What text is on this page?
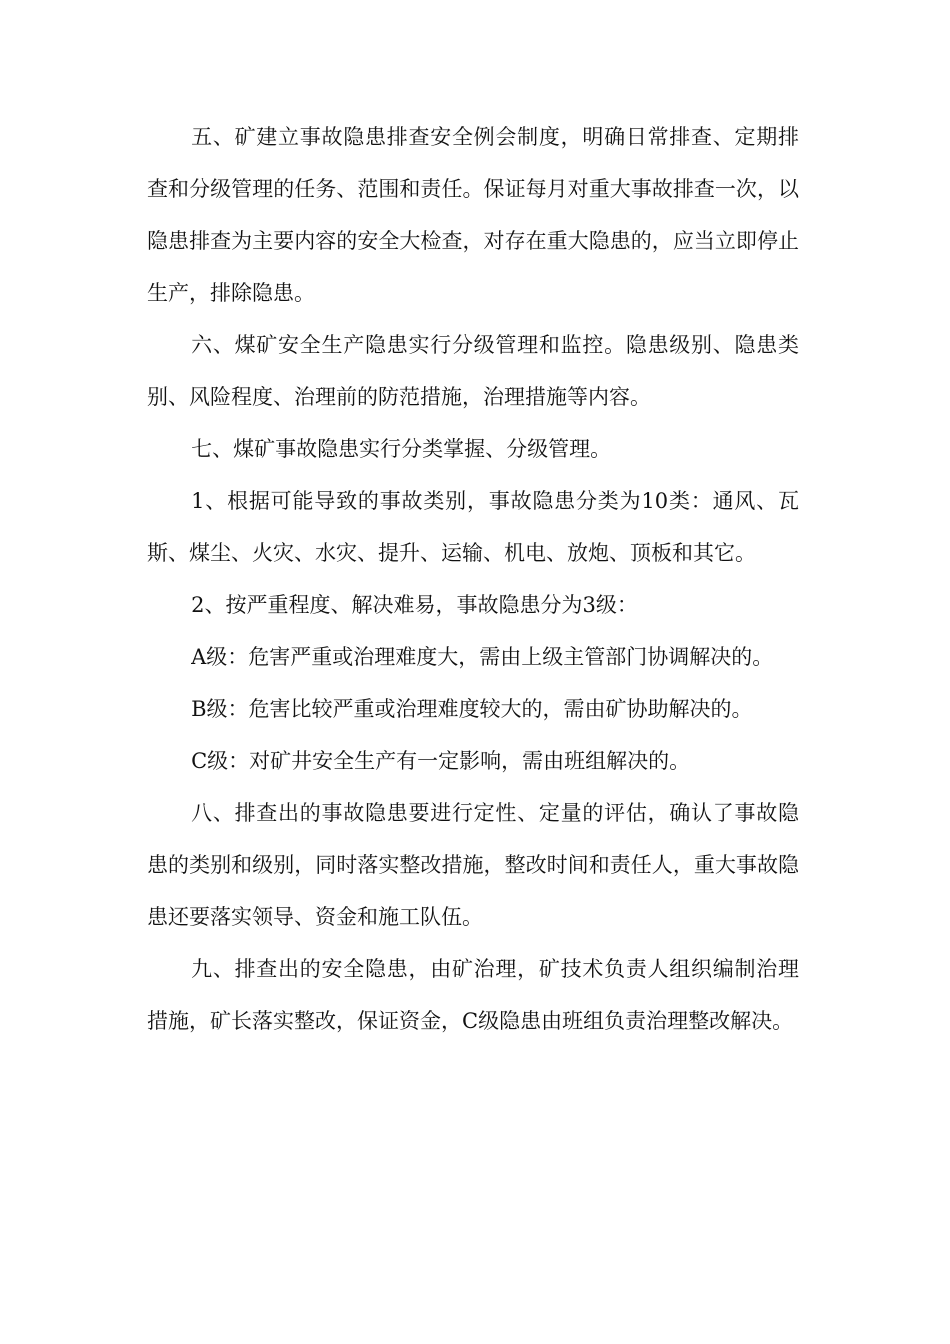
五、矿建立事故隐患排查安全例会制度，明确日常排查、定期排查和分级管理的任务、范围和责任。保证每月对重大事故排查一次，以隐患排查为主要内容的安全大检查，对存在重大隐患的，应当立即停止生产，排除隐患。

六、煤矿安全生产隐患实行分级管理和监控。隐患级别、隐患类别、风险程度、治理前的防范措施，治理措施等内容。

七、煤矿事故隐患实行分类掌握、分级管理。

1、根据可能导致的事故类别，事故隐患分类为10类：通风、瓦斯、煤尘、火灾、水灾、提升、运输、机电、放炮、顶板和其它。

2、按严重程度、解决难易，事故隐患分为3级：

A级：危害严重或治理难度大，需由上级主管部门协调解决的。

B级：危害比较严重或治理难度较大的，需由矿协助解决的。

C级：对矿井安全生产有一定影响，需由班组解决的。

八、排查出的事故隐患要进行定性、定量的评估，确认了事故隐患的类别和级别，同时落实整改措施，整改时间和责任人，重大事故隐患还要落实领导、资金和施工队伍。

九、排查出的安全隐患，由矿治理，矿技术负责人组织编制治理措施，矿长落实整改，保证资金，C级隐患由班组负责治理整改解决。
